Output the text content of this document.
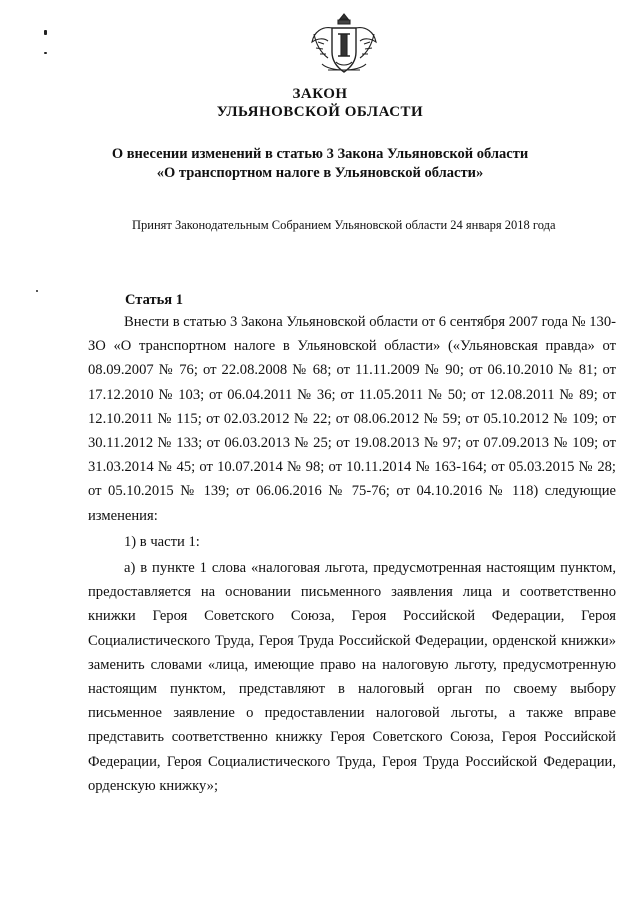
ЗАКОН
УЛЬЯНОВСКОЙ ОБЛАСТИ
О внесении изменений в статью 3 Закона Ульяновской области
«О транспортном налоге в Ульяновской области»
Принят Законодательным Собранием Ульяновской области 24 января 2018 года
Статья 1

Внести в статью 3 Закона Ульяновской области от 6 сентября 2007 года № 130-ЗО «О транспортном налоге в Ульяновской области» («Ульяновская правда» от 08.09.2007 № 76; от 22.08.2008 № 68; от 11.11.2009 № 90; от 06.10.2010 № 81; от 17.12.2010 № 103; от 06.04.2011 № 36; от 11.05.2011 № 50; от 12.08.2011 № 89; от 12.10.2011 № 115; от 02.03.2012 № 22; от 08.06.2012 № 59; от 05.10.2012 № 109; от 30.11.2012 № 133; от 06.03.2013 № 25; от 19.08.2013 № 97; от 07.09.2013 № 109; от 31.03.2014 № 45; от 10.07.2014 № 98; от 10.11.2014 № 163-164; от 05.03.2015 № 28; от 05.10.2015 № 139; от 06.06.2016 № 75-76; от 04.10.2016 № 118) следующие изменения:

1) в части 1:

а) в пункте 1 слова «налоговая льгота, предусмотренная настоящим пунктом, предоставляется на основании письменного заявления лица и соответственно книжки Героя Советского Союза, Героя Российской Федерации, Героя Социалистического Труда, Героя Труда Российской Федерации, орденской книжки» заменить словами «лица, имеющие право на налоговую льготу, предусмотренную настоящим пунктом, представляют в налоговый орган по своему выбору письменное заявление о предоставлении налоговой льготы, а также вправе представить соответственно книжку Героя Советского Союза, Героя Российской Федерации, Героя Социалистического Труда, Героя Труда Российской Федерации, орденскую книжку»;
